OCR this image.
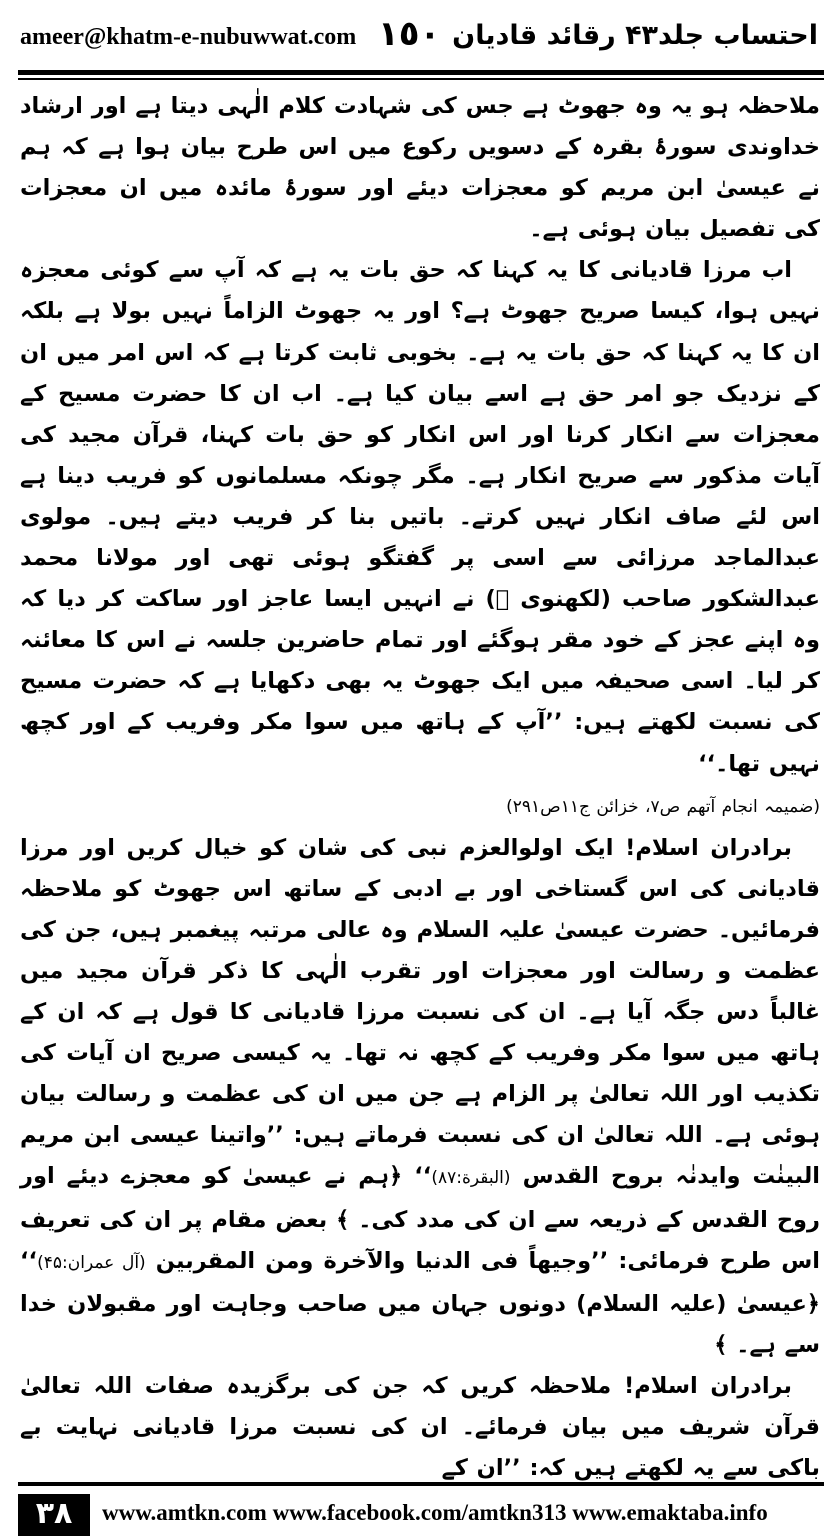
ameer@khatm-e-nubuwwat.com ١٥٠ احتساب جلد۴۳ رقائد قادیان

ملاحظہ ہو یہ وہ جھوٹ ہے جس کی شہادت کلام الٰہی دیتا ہے اور ارشاد خداوندی سورۂ بقرہ کے دسویں رکوع میں اس طرح بیان ہوا ہے کہ ہم نے عیسیٰ ابن مریم کو معجزات دیئے اور سورۂ مائدہ میں ان معجزات کی تفصیل بیان ہوئی ہے۔

اب مرزا قادیانی کا یہ کہنا کہ حق بات یہ ہے کہ آپ سے کوئی معجزہ نہیں ہوا، کیسا صریح جھوٹ ہے؟ اور یہ جھوٹ الزاماً نہیں بولا ہے بلکہ ان کا یہ کہنا کہ حق بات یہ ہے۔ بخوبی ثابت کرتا ہے کہ اس امر میں ان کے نزدیک جو امر حق ہے اسے بیان کیا ہے۔ اب ان کا حضرت مسیح کے معجزات سے انکار کرنا اور اس انکار کو حق بات کہنا، قرآن مجید کی آیات مذکور سے صریح انکار ہے۔ مگر چونکہ مسلمانوں کو فریب دینا ہے اس لئے صاف انکار نہیں کرتے۔ باتیں بنا کر فریب دیتے ہیں۔ مولوی عبدالماجد مرزائی سے اسی پر گفتگو ہوئی تھی اور مولانا محمد عبدالشکور صاحب (لکھنوی ﷫) نے انہیں ایسا عاجز اور ساکت کر دیا کہ وہ اپنے عجز کے خود مقر ہوگئے اور تمام حاضرین جلسہ نے اس کا معائنہ کر لیا۔ اسی صحیفہ میں ایک جھوٹ یہ بھی دکھایا ہے کہ حضرت مسیح کی نسبت لکھتے ہیں: ’’آپ کے ہاتھ میں سوا مکر وفریب کے اور کچھ نہیں تھا۔‘‘

(ضمیمہ انجام آتھم ص۷، خزائن ج۱۱ص۲۹۱)

برادران اسلام! ایک اولوالعزم نبی کی شان کو خیال کریں اور مرزا قادیانی کی اس گستاخی اور بے ادبی کے ساتھ اس جھوٹ کو ملاحظہ فرمائیں۔ حضرت عیسیٰ علیہ السلام وہ عالی مرتبہ پیغمبر ہیں، جن کی عظمت و رسالت اور معجزات اور تقرب الٰہی کا ذکر قرآن مجید میں غالباً دس جگہ آیا ہے۔ ان کی نسبت مرزا قادیانی کا قول ہے کہ ان کے ہاتھ میں سوا مکر وفریب کے کچھ نہ تھا۔ یہ کیسی صریح ان آیات کی تکذیب اور اللہ تعالیٰ پر الزام ہے جن میں ان کی عظمت و رسالت بیان ہوئی ہے۔ اللہ تعالیٰ ان کی نسبت فرماتے ہیں: ’’واتینا عیسی ابن مریم البینٰت وایدنٰہ بروح القدس (البقرة:۸۷)‘‘ ﴿ہم نے عیسیٰ کو معجزے دیئے اور روح القدس کے ذریعہ سے ان کی مدد کی۔ ﴾ بعض مقام پر ان کی تعریف اس طرح فرمائی: ’’وجیھاً فی الدنیا والآخرة ومن المقربین (آل عمران:۴۵)‘‘ ﴿عیسیٰ (علیہ السلام) دونوں جہان میں صاحب وجاہت اور مقبولان خدا سے ہے۔ ﴾

برادران اسلام! ملاحظہ کریں کہ جن کی برگزیدہ صفات اللہ تعالیٰ قرآن شریف میں بیان فرمائے۔ ان کی نسبت مرزا قادیانی نہایت بے باکی سے یہ لکھتے ہیں کہ: ’’ان کے

٣٨	www.amtkn.com www.facebook.com/amtkn313 www.emaktaba.info
